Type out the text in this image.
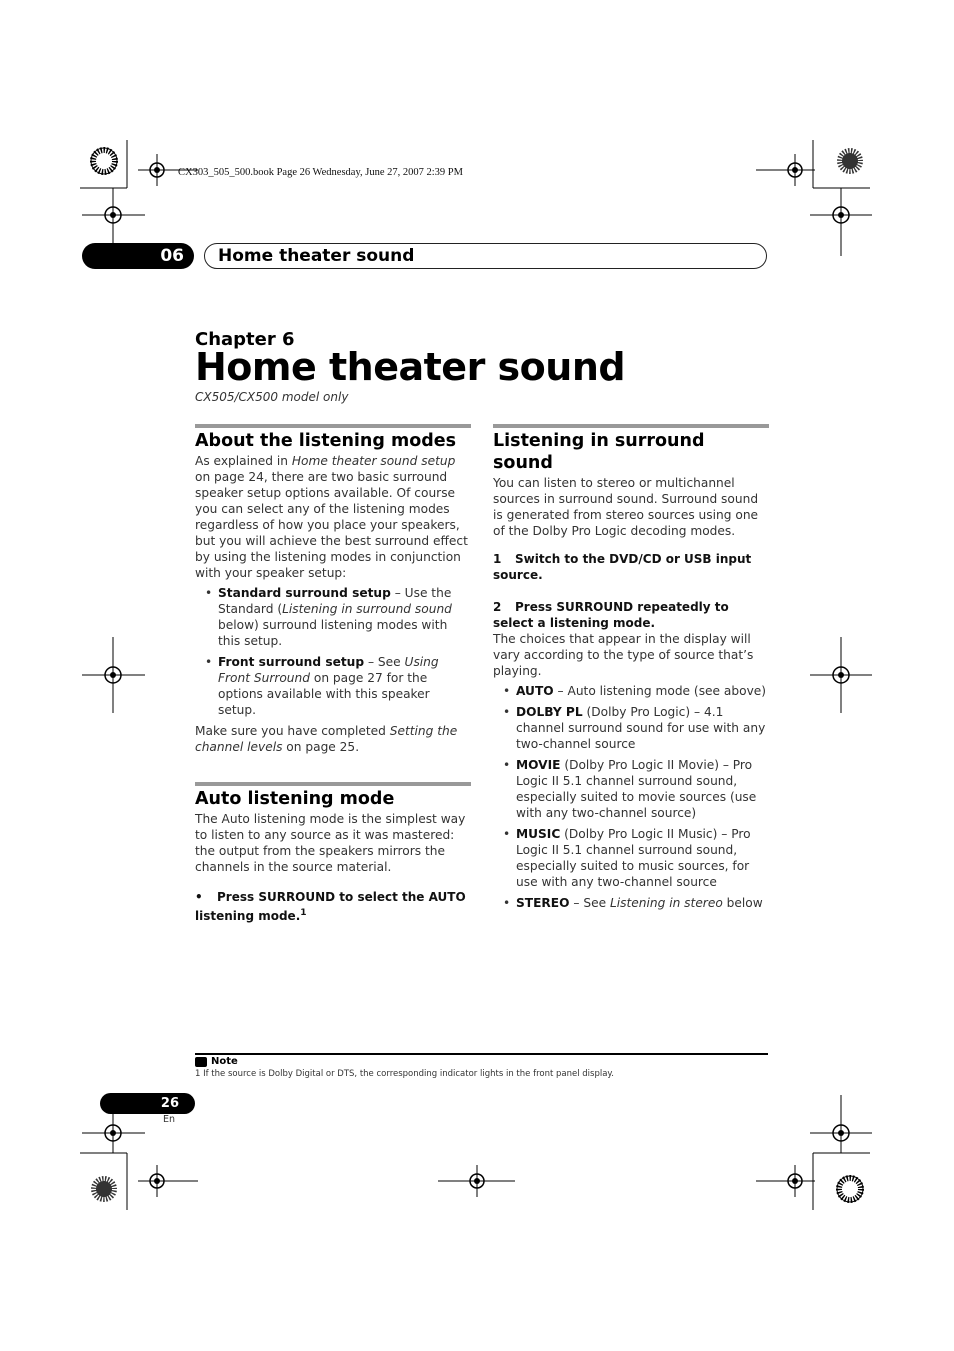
CX303_505_500.book Page 26 Wednesday, June 27, 2007 2:39 PM
06	Home theater sound
Chapter 6
Home theater sound
CX505/CX500 model only
About the listening modes

As explained in Home theater sound setup on page 24, there are two basic surround speaker setup options available. Of course you can select any of the listening modes regardless of how you place your speakers, but you will achieve the best surround effect by using the listening modes in conjunction with your speaker setup:

• Standard surround setup – Use the Standard (Listening in surround sound below) surround listening modes with this setup.
• Front surround setup – See Using Front Surround on page 27 for the options available with this speaker setup.

Make sure you have completed Setting the channel levels on page 25.

Auto listening mode

The Auto listening mode is the simplest way to listen to any source as it was mastered: the output from the speakers mirrors the channels in the source material.

• Press SURROUND to select the AUTO listening mode.$^1$
Listening in surround sound

You can listen to stereo or multichannel sources in surround sound. Surround sound is generated from stereo sources using one of the Dolby Pro Logic decoding modes.

1 Switch to the DVD/CD or USB input source.
2 Press SURROUND repeatedly to select a listening mode.

The choices that appear in the display will vary according to the type of source that’s playing.

• AUTO – Auto listening mode (see above)
• DOLBY PL (Dolby Pro Logic) – 4.1 channel surround sound for use with any two-channel source
• MOVIE (Dolby Pro Logic II Movie) – Pro Logic II 5.1 channel surround sound, especially suited to movie sources (use with any two-channel source)
• MUSIC (Dolby Pro Logic II Music) – Pro Logic II 5.1 channel surround sound, especially suited to music sources, for use with any two-channel source
• STEREO – See Listening in stereo below
Note
1 If the source is Dolby Digital or DTS, the corresponding indicator lights in the front panel display.
26
En
